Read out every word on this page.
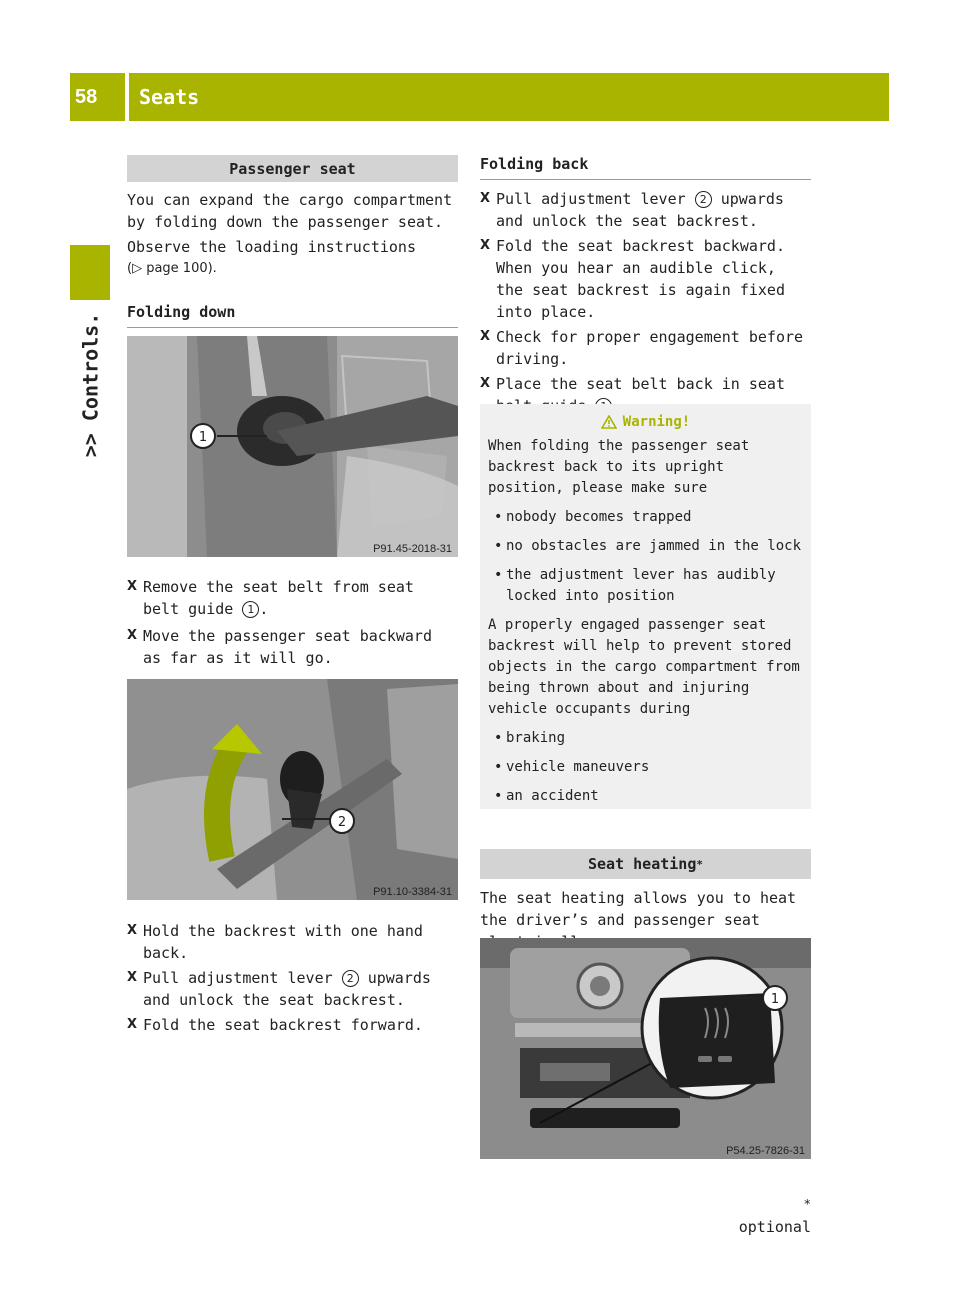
58	Seats
>> Controls.
Passenger seat
You can expand the cargo compartment by folding down the passenger seat.
Observe the loading instructions
(▷ page 100).
Folding down
1
P91.45-2018-31
X Remove the seat belt from seat belt guide 1 .
X Move the passenger seat backward as far as it will go.
2
P91.10-3384-31
X Hold the backrest with one hand back.
X Pull adjustment lever 2 upwards and unlock the seat backrest.
X Fold the seat backrest forward.
Folding back
X Pull adjustment lever 2 upwards and unlock the seat backrest.
X Fold the seat backrest backward. When you hear an audible click, the seat backrest is again fixed into place.
X Check for proper engagement before driving.
X Place the seat belt back in seat
Warning!
When folding the passenger seat backrest back to its upright position, please make sure
• nobody becomes trapped
• no obstacles are jammed in the lock
• the adjustment lever has audibly locked into position
A properly engaged passenger seat backrest will help to prevent stored objects in the cargo compartment from being thrown about and injuring vehicle occupants during
• braking
• vehicle maneuvers
• an accident
Seat heating *
The seat heating allows you to heat the driver’s and passenger seat
1
P54.25-7826-31
* optional
